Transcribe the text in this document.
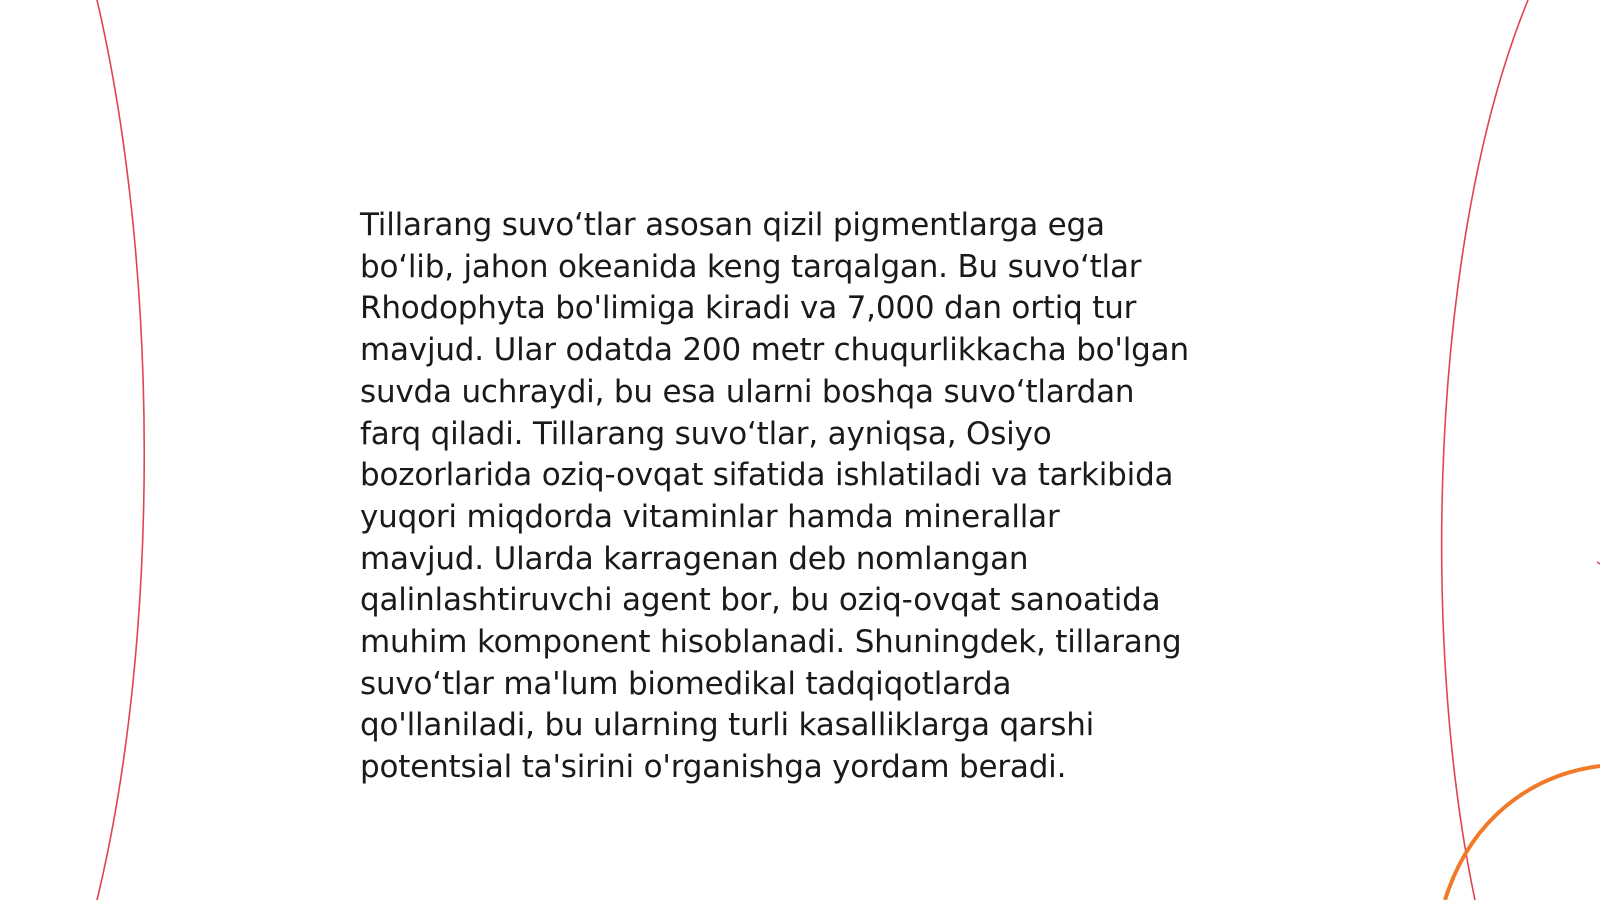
Tillarang suvo‘tlar asosan qizil pigmentlarga ega
bo‘lib, jahon okeanida keng tarqalgan. Bu suvo‘tlar
Rhodophyta bo'limiga kiradi va 7,000 dan ortiq tur
mavjud. Ular odatda 200 metr chuqurlikkacha bo'lgan
suvda uchraydi, bu esa ularni boshqa suvo‘tlardan
farq qiladi. Tillarang suvo‘tlar, ayniqsa, Osiyo
bozorlarida oziq-ovqat sifatida ishlatiladi va tarkibida
yuqori miqdorda vitaminlar hamda minerallar
mavjud. Ularda karragenan deb nomlangan
qalinlashtiruvchi agent bor, bu oziq-ovqat sanoatida
muhim komponent hisoblanadi. Shuningdek, tillarang
suvo‘tlar ma'lum biomedikal tadqiqotlarda
qo'llaniladi, bu ularning turli kasalliklarga qarshi
potentsial ta'sirini o'rganishga yordam beradi.
